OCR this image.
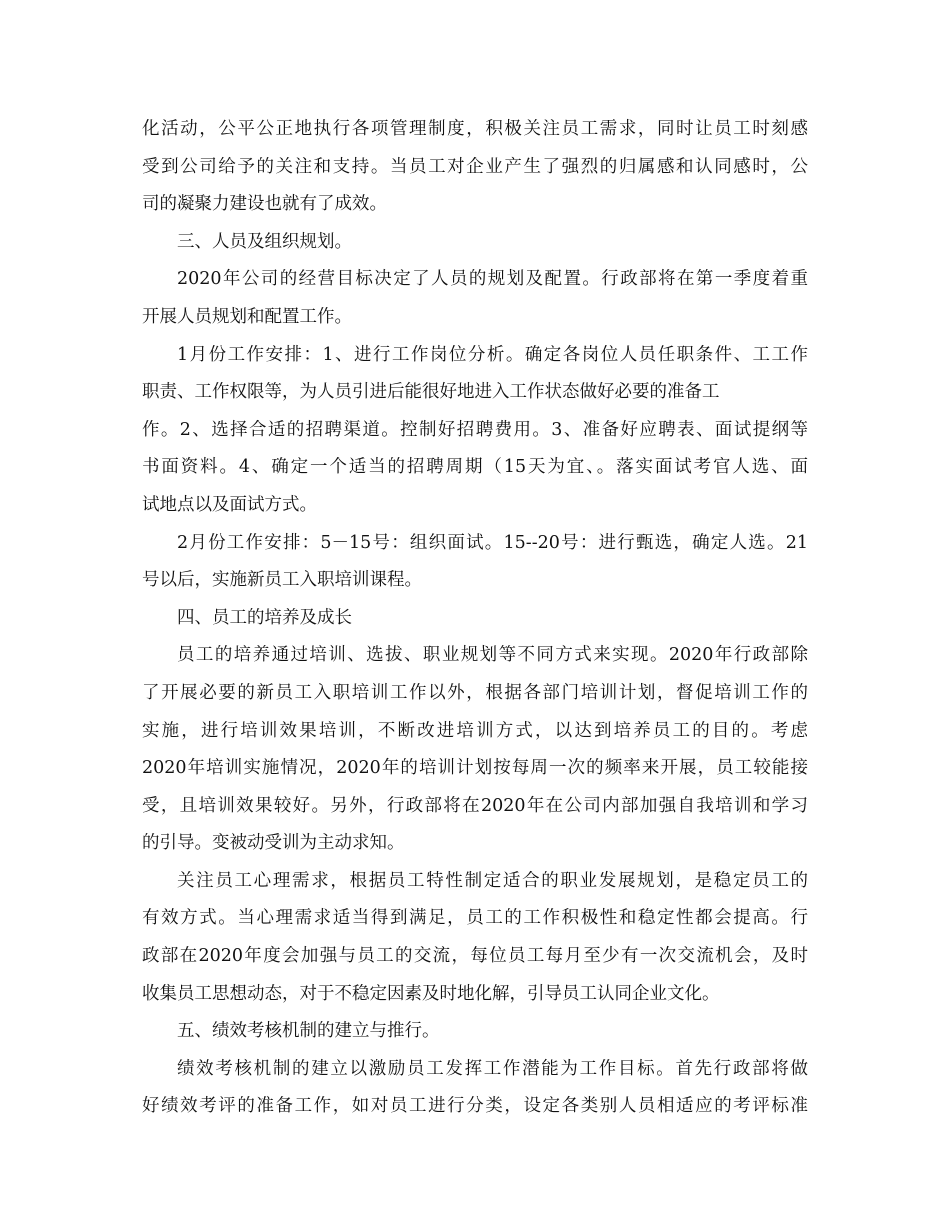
化活动，公平公正地执行各项管理制度，积极关注员工需求，同时让员工时刻感
受到公司给予的关注和支持。当员工对企业产生了强烈的归属感和认同感时，公
司的凝聚力建设也就有了成效。
三、人员及组织规划。
2020年公司的经营目标决定了人员的规划及配置。行政部将在第一季度着重
开展人员规划和配置工作。
1月份工作安排：1、进行工作岗位分析。确定各岗位人员任职条件、工工作
职责、工作权限等，为人员引进后能很好地进入工作状态做好必要的准备工
作。2、选择合适的招聘渠道。控制好招聘费用。3、准备好应聘表、面试提纲等
书面资料。4、确定一个适当的招聘周期（15天为宜、。落实面试考官人选、面
试地点以及面试方式。
2月份工作安排：5－15号：组织面试。15--20号：进行甄选，确定人选。21
号以后，实施新员工入职培训课程。
四、员工的培养及成长
员工的培养通过培训、选拔、职业规划等不同方式来实现。2020年行政部除
了开展必要的新员工入职培训工作以外，根据各部门培训计划，督促培训工作的
实施，进行培训效果培训，不断改进培训方式，以达到培养员工的目的。考虑
2020年培训实施情况，2020年的培训计划按每周一次的频率来开展，员工较能接
受，且培训效果较好。另外，行政部将在2020年在公司内部加强自我培训和学习
的引导。变被动受训为主动求知。
关注员工心理需求，根据员工特性制定适合的职业发展规划，是稳定员工的
有效方式。当心理需求适当得到满足，员工的工作积极性和稳定性都会提高。行
政部在2020年度会加强与员工的交流，每位员工每月至少有一次交流机会，及时
收集员工思想动态，对于不稳定因素及时地化解，引导员工认同企业文化。
五、绩效考核机制的建立与推行。
绩效考核机制的建立以激励员工发挥工作潜能为工作目标。首先行政部将做
好绩效考评的准备工作，如对员工进行分类，设定各类别人员相适应的考评标准
